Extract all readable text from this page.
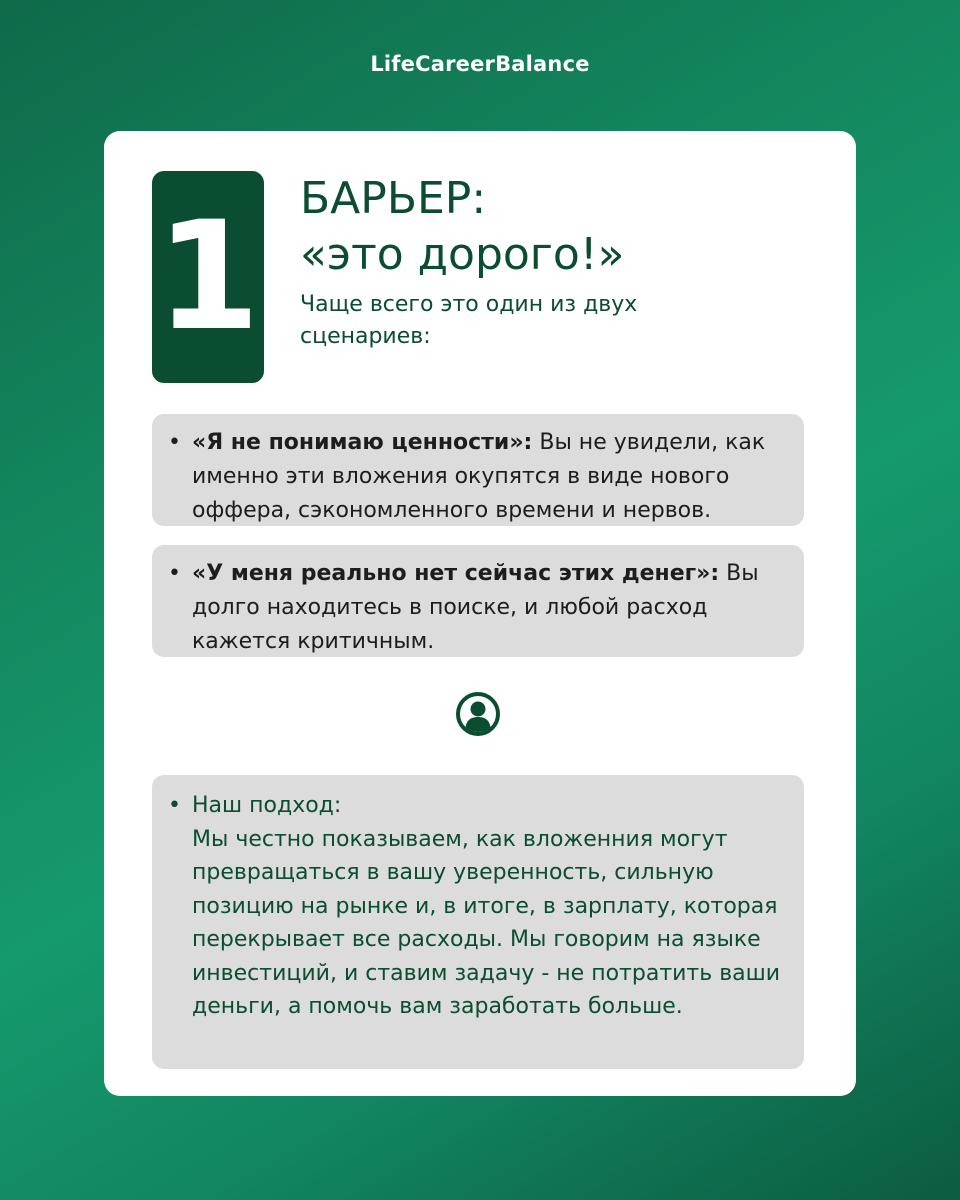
LifeCareerBalance
1 БАРЬЕР:
«это дорого!»

Чаще всего это один из двух сценариев:

• «Я не понимаю ценности»: Вы не увидели, как именно эти вложения окупятся в виде нового оффера, сэкономленного времени и нервов.
• «У меня реально нет сейчас этих денег»: Вы долго находитесь в поиске, и любой расход кажется критичным.
• Наш подход:
Мы честно показываем, как вложенния могут превращаться в вашу уверенность, сильную позицию на рынке и, в итоге, в зарплату, которая перекрывает все расходы. Мы говорим на языке инвестиций, и ставим задачу - не потратить ваши деньги, а помочь вам заработать больше.
